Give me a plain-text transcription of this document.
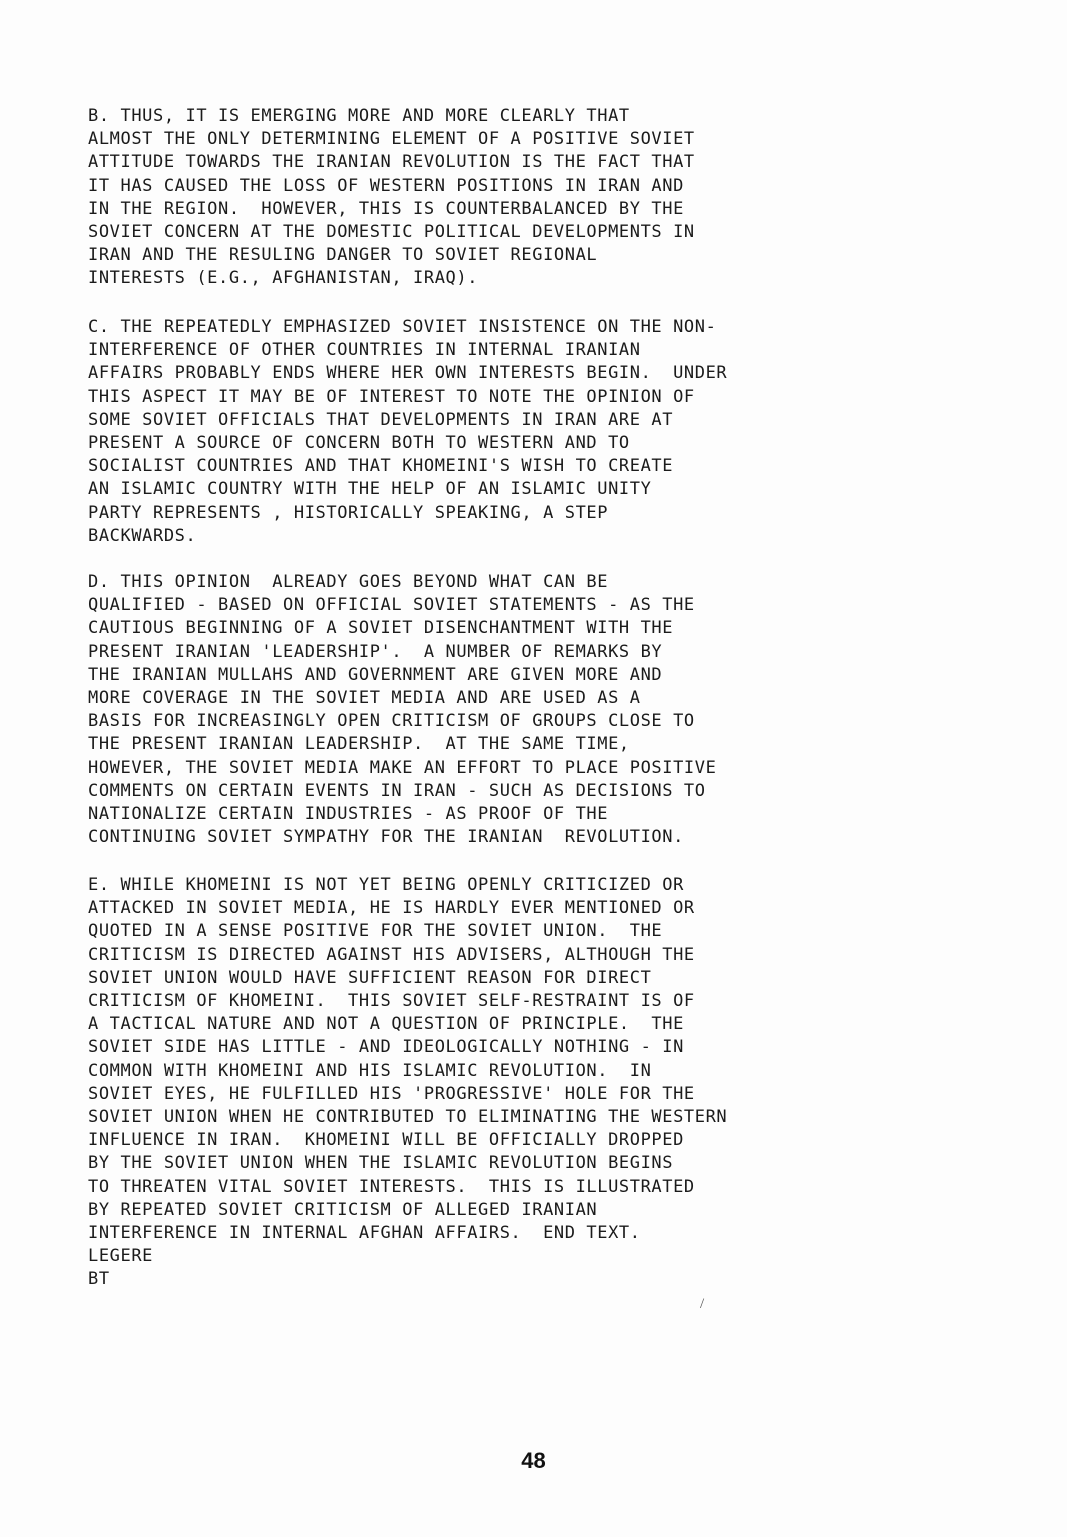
B. THUS, IT IS EMERGING MORE AND MORE CLEARLY THAT
ALMOST THE ONLY DETERMINING ELEMENT OF A POSITIVE SOVIET
ATTITUDE TOWARDS THE IRANIAN REVOLUTION IS THE FACT THAT
IT HAS CAUSED THE LOSS OF WESTERN POSITIONS IN IRAN AND
IN THE REGION.  HOWEVER, THIS IS COUNTERBALANCED BY THE
SOVIET CONCERN AT THE DOMESTIC POLITICAL DEVELOPMENTS IN
IRAN AND THE RESULING DANGER TO SOVIET REGIONAL
INTERESTS (E.G., AFGHANISTAN, IRAQ).

C. THE REPEATEDLY EMPHASIZED SOVIET INSISTENCE ON THE NON-
INTERFERENCE OF OTHER COUNTRIES IN INTERNAL IRANIAN
AFFAIRS PROBABLY ENDS WHERE HER OWN INTERESTS BEGIN.  UNDER
THIS ASPECT IT MAY BE OF INTEREST TO NOTE THE OPINION OF
SOME SOVIET OFFICIALS THAT DEVELOPMENTS IN IRAN ARE AT
PRESENT A SOURCE OF CONCERN BOTH TO WESTERN AND TO
SOCIALIST COUNTRIES AND THAT KHOMEINI'S WISH TO CREATE
AN ISLAMIC COUNTRY WITH THE HELP OF AN ISLAMIC UNITY
PARTY REPRESENTS , HISTORICALLY SPEAKING, A STEP
BACKWARDS.

D. THIS OPINION  ALREADY GOES BEYOND WHAT CAN BE
QUALIFIED - BASED ON OFFICIAL SOVIET STATEMENTS - AS THE
CAUTIOUS BEGINNING OF A SOVIET DISENCHANTMENT WITH THE
PRESENT IRANIAN 'LEADERSHIP'.  A NUMBER OF REMARKS BY
THE IRANIAN MULLAHS AND GOVERNMENT ARE GIVEN MORE AND
MORE COVERAGE IN THE SOVIET MEDIA AND ARE USED AS A
BASIS FOR INCREASINGLY OPEN CRITICISM OF GROUPS CLOSE TO
THE PRESENT IRANIAN LEADERSHIP.  AT THE SAME TIME,
HOWEVER, THE SOVIET MEDIA MAKE AN EFFORT TO PLACE POSITIVE
COMMENTS ON CERTAIN EVENTS IN IRAN - SUCH AS DECISIONS TO
NATIONALIZE CERTAIN INDUSTRIES - AS PROOF OF THE
CONTINUING SOVIET SYMPATHY FOR THE IRANIAN  REVOLUTION.

E. WHILE KHOMEINI IS NOT YET BEING OPENLY CRITICIZED OR
ATTACKED IN SOVIET MEDIA, HE IS HARDLY EVER MENTIONED OR
QUOTED IN A SENSE POSITIVE FOR THE SOVIET UNION.  THE
CRITICISM IS DIRECTED AGAINST HIS ADVISERS, ALTHOUGH THE
SOVIET UNION WOULD HAVE SUFFICIENT REASON FOR DIRECT
CRITICISM OF KHOMEINI.  THIS SOVIET SELF-RESTRAINT IS OF
A TACTICAL NATURE AND NOT A QUESTION OF PRINCIPLE.  THE
SOVIET SIDE HAS LITTLE - AND IDEOLOGICALLY NOTHING - IN
COMMON WITH KHOMEINI AND HIS ISLAMIC REVOLUTION.  IN
SOVIET EYES, HE FULFILLED HIS 'PROGRESSIVE' HOLE FOR THE
SOVIET UNION WHEN HE CONTRIBUTED TO ELIMINATING THE WESTERN
INFLUENCE IN IRAN.  KHOMEINI WILL BE OFFICIALLY DROPPED
BY THE SOVIET UNION WHEN THE ISLAMIC REVOLUTION BEGINS
TO THREATEN VITAL SOVIET INTERESTS.  THIS IS ILLUSTRATED
BY REPEATED SOVIET CRITICISM OF ALLEGED IRANIAN
INTERFERENCE IN INTERNAL AFGHAN AFFAIRS.  END TEXT.
LEGERE
BT

/
48
